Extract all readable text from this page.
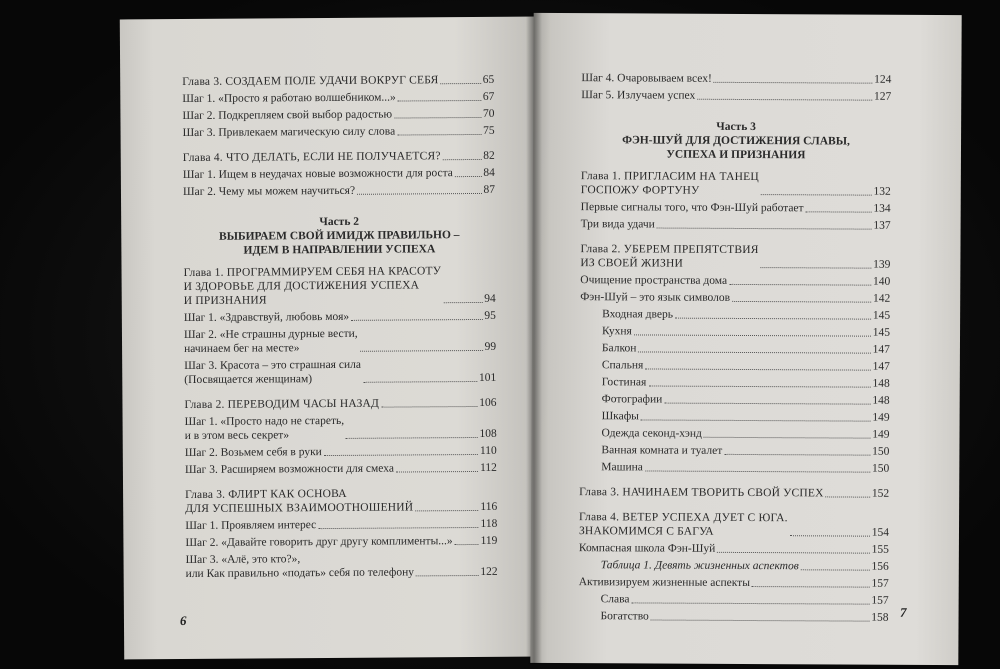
Глава 3. СОЗДАЕМ ПОЛЕ УДАЧИ ВОКРУГ СЕБЯ	65
Шаг 1. «Просто я работаю волшебником...»	67
Шаг 2. Подкрепляем свой выбор радостью	70
Шаг 3. Привлекаем магическую силу слова	75
Глава 4. ЧТО ДЕЛАТЬ, ЕСЛИ НЕ ПОЛУЧАЕТСЯ?	82
Шаг 1. Ищем в неудачах новые возможности для роста	84
Шаг 2. Чему мы можем научиться?	87
Часть 2
ВЫБИРАЕМ СВОЙ ИМИДЖ ПРАВИЛЬНО –
ИДЕМ В НАПРАВЛЕНИИ УСПЕХА
Глава 1. ПРОГРАММИРУЕМ СЕБЯ НА КРАСОТУ
И ЗДОРОВЬЕ ДЛЯ ДОСТИЖЕНИЯ УСПЕХА
И ПРИЗНАНИЯ	94
Шаг 1. «Здравствуй, любовь моя»	95
Шаг 2. «Не страшны дурные вести,
начинаем бег на месте»	99
Шаг 3. Красота – это страшная сила
(Посвящается женщинам)	101
Глава 2. ПЕРЕВОДИМ ЧАСЫ НАЗАД	106
Шаг 1. «Просто надо не стареть,
и в этом весь секрет»	108
Шаг 2. Возьмем себя в руки	110
Шаг 3. Расширяем возможности для смеха	112
Глава 3. ФЛИРТ КАК ОСНОВА
ДЛЯ УСПЕШНЫХ ВЗАИМООТНОШЕНИЙ	116
Шаг 1. Проявляем интерес	118
Шаг 2. «Давайте говорить друг другу комплименты...» 119
Шаг 3. «Алё, это кто?»,
или Как правильно «подать» себя по телефону	122
6
Шаг 4. Очаровываем всех!	124
Шаг 5. Излучаем успех	127
Часть 3
ФЭН-ШУЙ ДЛЯ ДОСТИЖЕНИЯ СЛАВЫ,
УСПЕХА И ПРИЗНАНИЯ
Глава 1. ПРИГЛАСИМ НА ТАНЕЦ
ГОСПОЖУ ФОРТУНУ	132
Первые сигналы того, что Фэн-Шуй работает	134
Три вида удачи	137
Глава 2. УБЕРЕМ ПРЕПЯТСТВИЯ
ИЗ СВОЕЙ ЖИЗНИ	139
Очищение пространства дома	140
Фэн-Шуй – это язык символов	142
Входная дверь	145
Кухня	145
Балкон	147
Спальня	147
Гостиная	148
Фотографии	148
Шкафы	149
Одежда секонд-хэнд	149
Ванная комната и туалет	150
Машина	150
Глава 3. НАЧИНАЕМ ТВОРИТЬ СВОЙ УСПЕХ	152
Глава 4. ВЕТЕР УСПЕХА ДУЕТ С ЮГА.
ЗНАКОМИМСЯ С БАГУА	154
Компасная школа Фэн-Шуй	155
Таблица 1. Девять жизненных аспектов	156
Активизируем жизненные аспекты	157
Слава	157
Богатство	158 7
